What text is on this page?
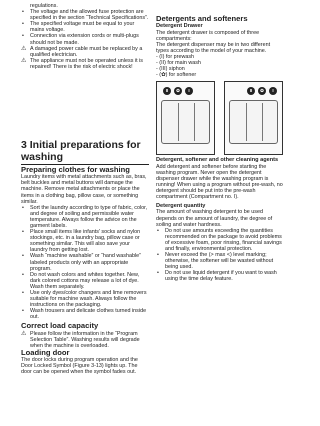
regulations.

• The voltage and the allowed fuse protection are specified in the section “Technical Specifications”.
• The specified voltage must be equal to your mains voltage.
• Connection via extension cords or multi-plugs should not be made.
⚠ A damaged power cable must be replaced by a qualified electrician.
⚠ The appliance must not be operated unless it is repaired! There is the risk of electric shock!
3 Initial preparations for washing
Preparing clothes for washing

Laundry items with metal attachments such as, bras, belt buckles and metal buttons will damage the machine. Remove metal attachments or place the items in a clothing bag, pillow case, or something similar.

• Sort the laundry according to type of fabric, color, and degree of soiling and permissible water temperature. Always follow the advice on the garment labels.
• Place small items like infants' socks and nylon stockings, etc. in a laundry bag, pillow case or something similar. This will also save your laundry from getting lost.
• Wash “machine washable” or “hand washable” labeled products only with an appropriate program.
• Do not wash colors and whites together. New, dark colored cottons may release a lot of dye. Wash them separately.
• Use only dyes/color changers and lime removers suitable for machine wash. Always follow the instructions on the packaging.
• Wash trousers and delicate clothes turned inside out.
Correct load capacity
⚠ Please follow the information in the “Program Selection Table”. Washing results will degrade when the machine is overloaded.
Loading door

The door locks during program operation and the Door Locked Symbol (Figure 3-13) lights up. The door can be opened when the symbol fades out.

Detergents and softeners
Detergent Drawer

The detergent drawer is composed of three compartments:

The detergent dispenser may be in two different types according to the model of your machine.

- (I) for prewash

- (II) for main wash

- (III) siphon

- (✿) for softener

II	✿	I	II	✿	I
Detergent, softener and other cleaning agents

Add detergent and softener before starting the washing program. Never open the detergent dispenser drawer while the washing program is running! When using a program without pre-wash, no detergent should be put into the pre-wash compartment (Compartment no. I).

Detergent quantity

The amount of washing detergent to be used depends on the amount of laundry, the degree of soiling and water hardness.

• Do not use amounts exceeding the quantities recommended on the package to avoid problems of excessive foam, poor rinsing, financial savings and finally, environmental protection.
• Never exceed the (> max <) level marking; otherwise, the softener will be wasted without being used.
• Do not use liquid detergent if you want to wash using the time delay feature.
